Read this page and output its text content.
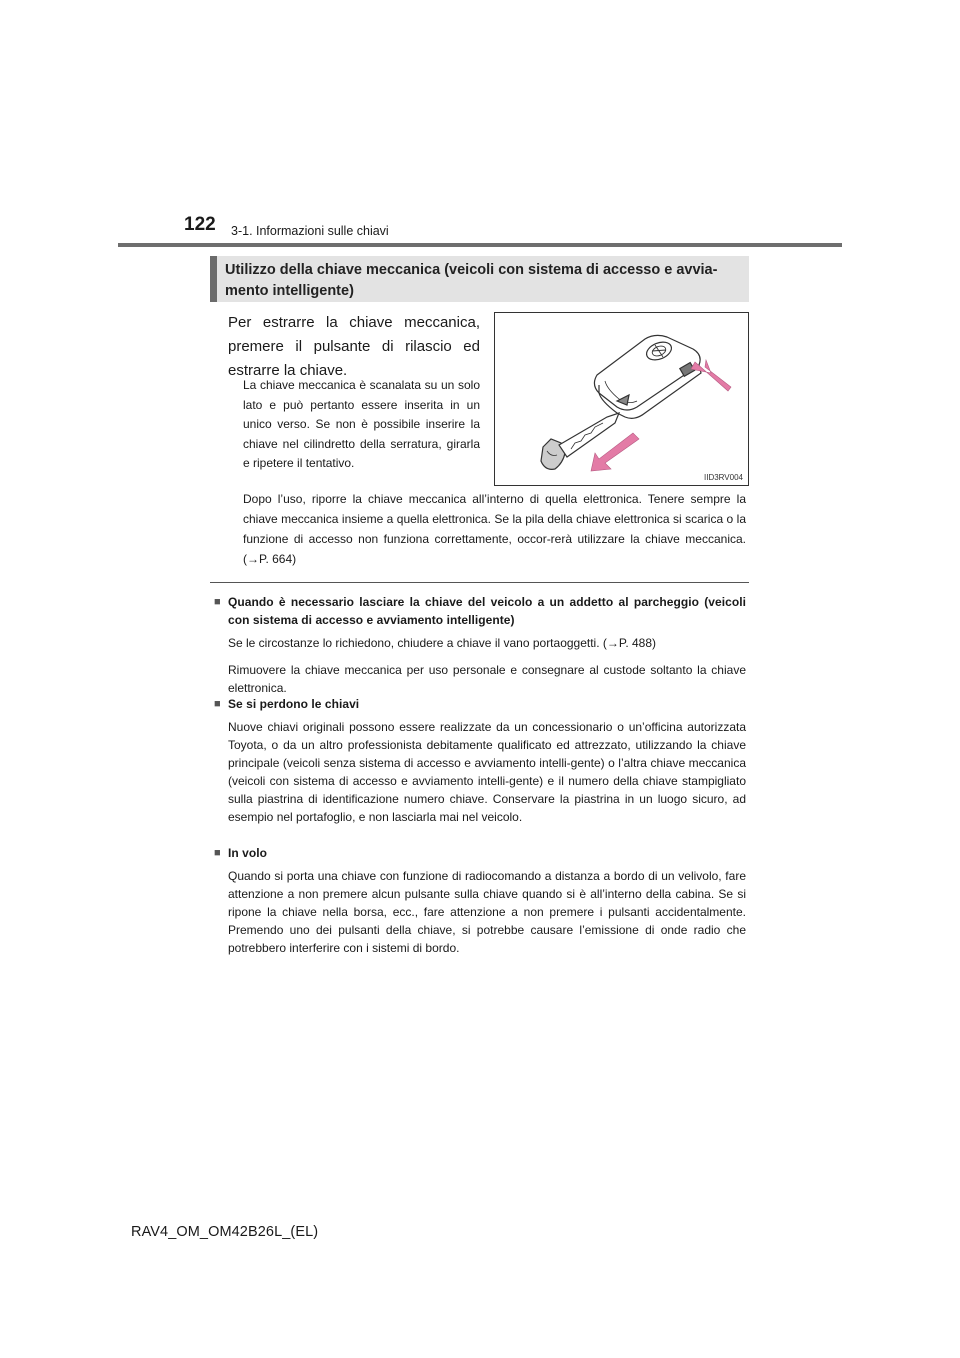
122 3-1. Informazioni sulle chiavi
Utilizzo della chiave meccanica (veicoli con sistema di accesso e avvia-mento intelligente)
Per estrarre la chiave meccanica, premere il pulsante di rilascio ed estrarre la chiave.
La chiave meccanica è scanalata su un solo lato e può pertanto essere inserita in un unico verso. Se non è possibile inserire la chiave nel cilindretto della serratura, girarla e ripetere il tentativo.
IID3RV004
Dopo l’uso, riporre la chiave meccanica all’interno di quella elettronica. Tenere sempre la chiave meccanica insieme a quella elettronica. Se la pila della chiave elettronica si scarica o la funzione di accesso non funziona correttamente, occor-rerà utilizzare la chiave meccanica. (→P. 664)
■ Quando è necessario lasciare la chiave del veicolo a un addetto al parcheggio (veicoli con sistema di accesso e avviamento intelligente)
Se le circostanze lo richiedono, chiudere a chiave il vano portaoggetti. (→P. 488)
Rimuovere la chiave meccanica per uso personale e consegnare al custode soltanto la chiave elettronica.
■ Se si perdono le chiavi
Nuove chiavi originali possono essere realizzate da un concessionario o un’officina autorizzata Toyota, o da un altro professionista debitamente qualificato ed attrezzato, utilizzando la chiave principale (veicoli senza sistema di accesso e avviamento intelli-gente) o l’altra chiave meccanica (veicoli con sistema di accesso e avviamento intelli-gente) e il numero della chiave stampigliato sulla piastrina di identificazione numero chiave. Conservare la piastrina in un luogo sicuro, ad esempio nel portafoglio, e non lasciarla mai nel veicolo.
■ In volo
Quando si porta una chiave con funzione di radiocomando a distanza a bordo di un velivolo, fare attenzione a non premere alcun pulsante sulla chiave quando si è all’interno della cabina. Se si ripone la chiave nella borsa, ecc., fare attenzione a non premere i pulsanti accidentalmente. Premendo uno dei pulsanti della chiave, si potrebbe causare l’emissione di onde radio che potrebbero interferire con i sistemi di bordo.
RAV4_OM_OM42B26L_(EL)
